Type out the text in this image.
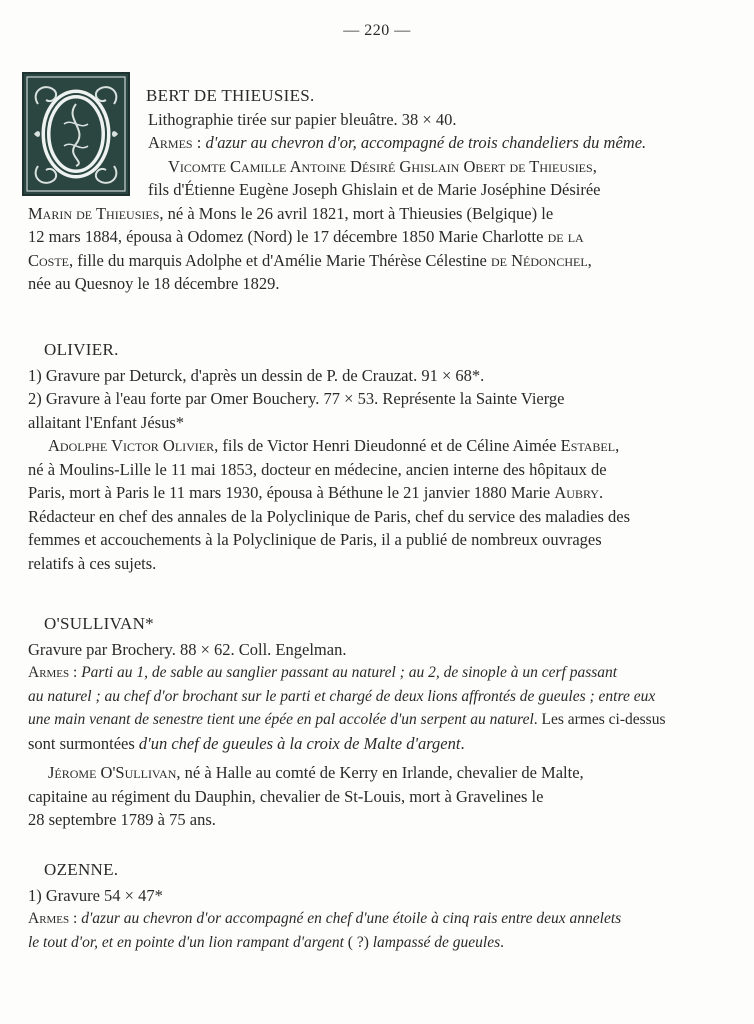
— 220 —
BERT DE THIEUSIES.
Lithographie tirée sur papier bleuâtre. 38 × 40.
Armes : d'azur au chevron d'or, accompagné de trois chandeliers du même.
Vicomte Camille Antoine Désiré Ghislain Obert de Thieusies,
fils d'Étienne Eugène Joseph Ghislain et de Marie Joséphine Désirée
Marin de Thieusies, né à Mons le 26 avril 1821, mort à Thieusies (Belgique) le
12 mars 1884, épousa à Odomez (Nord) le 17 décembre 1850 Marie Charlotte de la
Coste, fille du marquis Adolphe et d'Amélie Marie Thérèse Célestine de Nédonchel,
née au Quesnoy le 18 décembre 1829.
OLIVIER.
1) Gravure par Deturck, d'après un dessin de P. de Crauzat. 91 × 68*.
2) Gravure à l'eau forte par Omer Bouchery. 77 × 53. Représente la Sainte Vierge
allaitant l'Enfant Jésus*
Adolphe Victor Olivier, fils de Victor Henri Dieudonné et de Céline Aimée Estabel,
né à Moulins-Lille le 11 mai 1853, docteur en médecine, ancien interne des hôpitaux de
Paris, mort à Paris le 11 mars 1930, épousa à Béthune le 21 janvier 1880 Marie Aubry.
Rédacteur en chef des annales de la Polyclinique de Paris, chef du service des maladies des
femmes et accouchements à la Polyclinique de Paris, il a publié de nombreux ouvrages
relatifs à ces sujets.
O'SULLIVAN*
Gravure par Brochery. 88 × 62. Coll. Engelman.
Armes : Parti au 1, de sable au sanglier passant au naturel ; au 2, de sinople à un cerf passant
au naturel ; au chef d'or brochant sur le parti et chargé de deux lions affrontés de gueules ; entre eux
une main venant de senestre tient une épée en pal accolée d'un serpent au naturel. Les armes ci-dessus
sont surmontées d'un chef de gueules à la croix de Malte d'argent.
Jérome O'Sullivan, né à Halle au comté de Kerry en Irlande, chevalier de Malte,
capitaine au régiment du Dauphin, chevalier de St-Louis, mort à Gravelines le
28 septembre 1789 à 75 ans.
OZENNE.
1) Gravure 54 × 47*
Armes : d'azur au chevron d'or accompagné en chef d'une étoile à cinq rais entre deux annelets
le tout d'or, et en pointe d'un lion rampant d'argent ( ?) lampassé de gueules.
